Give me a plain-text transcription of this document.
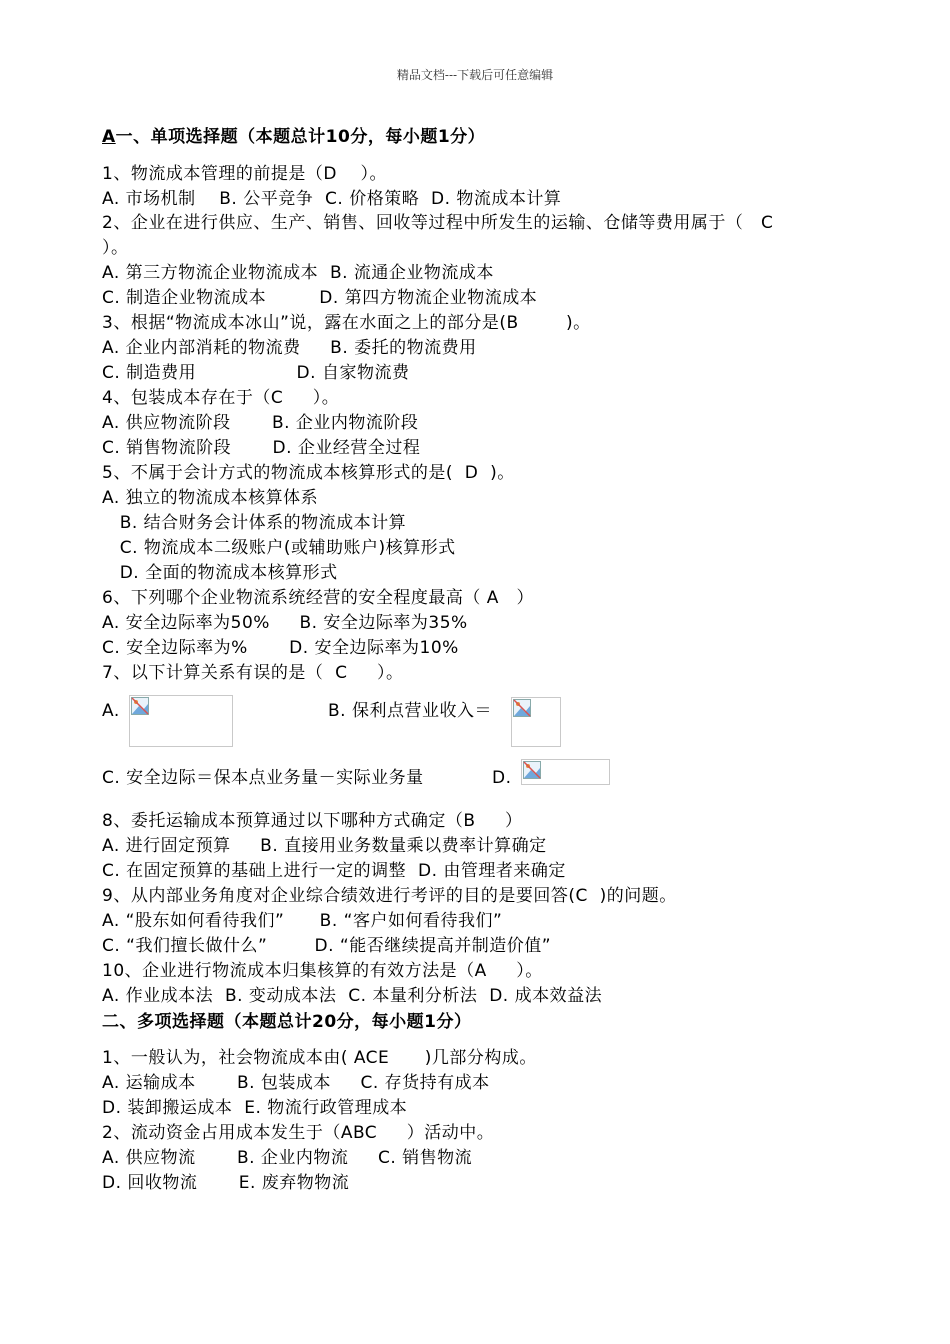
精品文档---下载后可任意编辑
A一、单项选择题（本题总计10分，每小题1分）
1、物流成本管理的前提是（D    ）。
A. 市场机制    B. 公平竞争  C. 价格策略  D. 物流成本计算
2、企业在进行供应、生产、销售、回收等过程中所发生的运输、仓储等费用属于（   C
）。
A. 第三方物流企业物流成本  B. 流通企业物流成本
C. 制造企业物流成本         D. 第四方物流企业物流成本
3、根据“物流成本冰山”说，露在水面之上的部分是(B        )。
A. 企业内部消耗的物流费     B. 委托的物流费用
C. 制造费用                 D. 自家物流费
4、包装成本存在于（C     ）。
A. 供应物流阶段       B. 企业内物流阶段
C. 销售物流阶段       D. 企业经营全过程
5、不属于会计方式的物流成本核算形式的是(  D  )。
A. 独立的物流成本核算体系
B. 结合财务会计体系的物流成本计算
C. 物流成本二级账户(或辅助账户)核算形式
D. 全面的物流成本核算形式
6、下列哪个企业物流系统经营的安全程度最高（ A   ）
A. 安全边际率为50%     B. 安全边际率为35%
C. 安全边际率为%       D. 安全边际率为10%
7、以下计算关系有误的是（  C     ）。
A.	B. 保利点营业收入＝
C. 安全边际＝保本点业务量－实际业务量	D.
8、委托运输成本预算通过以下哪种方式确定（B     ）
A. 进行固定预算     B. 直接用业务数量乘以费率计算确定
C. 在固定预算的基础上进行一定的调整  D. 由管理者来确定
9、从内部业务角度对企业综合绩效进行考评的目的是要回答(C  )的问题。
A. “股东如何看待我们”      B. “客户如何看待我们”
C. “我们擅长做什么”        D. “能否继续提高并制造价值”
10、企业进行物流成本归集核算的有效方法是（A     ）。
A. 作业成本法  B. 变动成本法  C. 本量利分析法  D. 成本效益法
二、多项选择题（本题总计20分，每小题1分）
1、一般认为，社会物流成本由( ACE      )几部分构成。
A. 运输成本       B. 包装成本     C. 存货持有成本
D. 装卸搬运成本  E. 物流行政管理成本
2、流动资金占用成本发生于（ABC     ）活动中。
A. 供应物流       B. 企业内物流     C. 销售物流
D. 回收物流       E. 废弃物物流
